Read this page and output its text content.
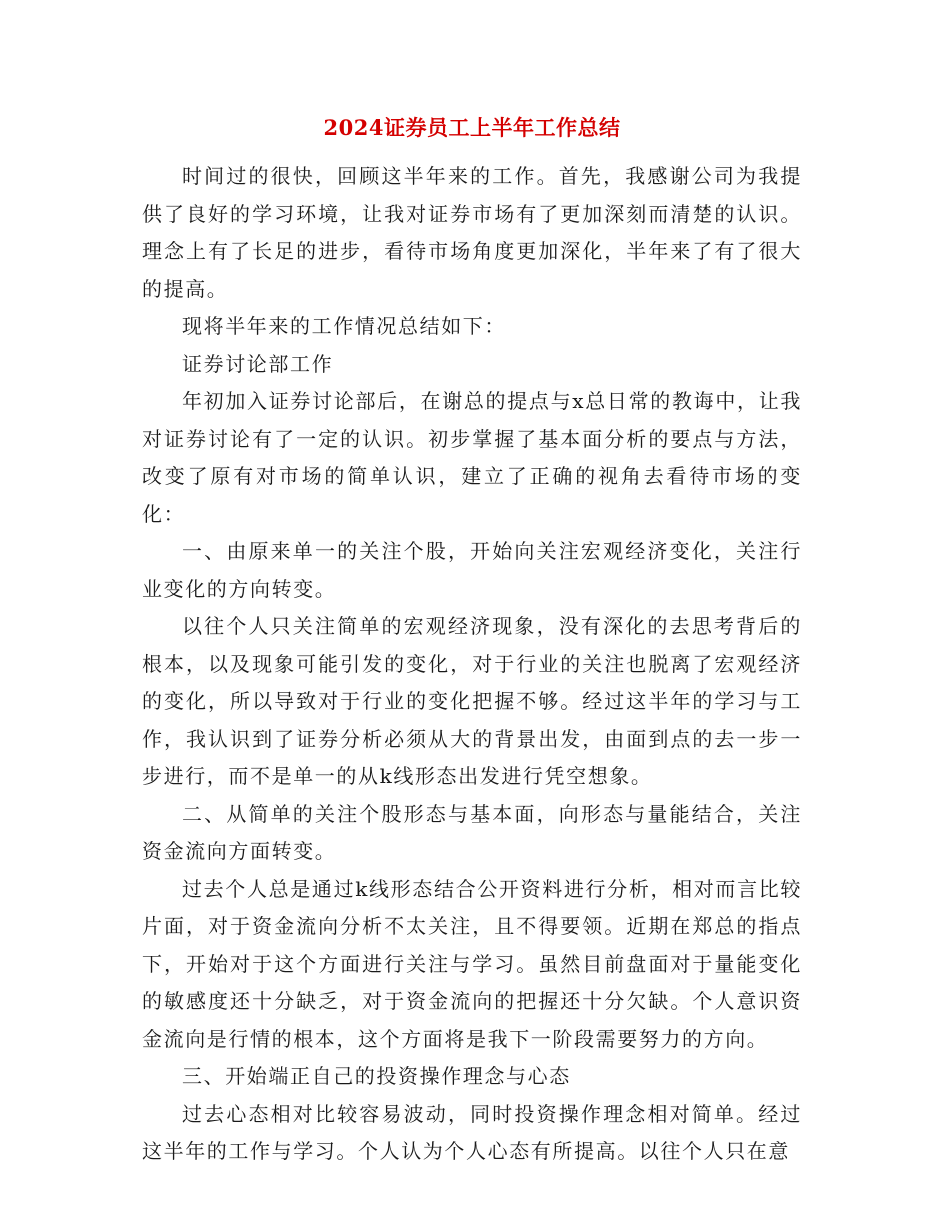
2024证券员工上半年工作总结

时间过的很快，回顾这半年来的工作。首先，我感谢公司为我提供了良好的学习环境，让我对证券市场有了更加深刻而清楚的认识。理念上有了长足的进步，看待市场角度更加深化，半年来了有了很大的提高。

现将半年来的工作情况总结如下：

证券讨论部工作

年初加入证券讨论部后，在谢总的提点与x总日常的教诲中，让我对证券讨论有了一定的认识。初步掌握了基本面分析的要点与方法，改变了原有对市场的简单认识，建立了正确的视角去看待市场的变化：

一、由原来单一的关注个股，开始向关注宏观经济变化，关注行业变化的方向转变。

以往个人只关注简单的宏观经济现象，没有深化的去思考背后的根本，以及现象可能引发的变化，对于行业的关注也脱离了宏观经济的变化，所以导致对于行业的变化把握不够。经过这半年的学习与工作，我认识到了证券分析必须从大的背景出发，由面到点的去一步一步进行，而不是单一的从k线形态出发进行凭空想象。

二、从简单的关注个股形态与基本面，向形态与量能结合，关注资金流向方面转变。

过去个人总是通过k线形态结合公开资料进行分析，相对而言比较片面，对于资金流向分析不太关注，且不得要领。近期在郑总的指点下，开始对于这个方面进行关注与学习。虽然目前盘面对于量能变化的敏感度还十分缺乏，对于资金流向的把握还十分欠缺。个人意识资金流向是行情的根本，这个方面将是我下一阶段需要努力的方向。

三、开始端正自己的投资操作理念与心态

过去心态相对比较容易波动，同时投资操作理念相对简单。经过这半年的工作与学习。个人认为个人心态有所提高。以往个人只在意
